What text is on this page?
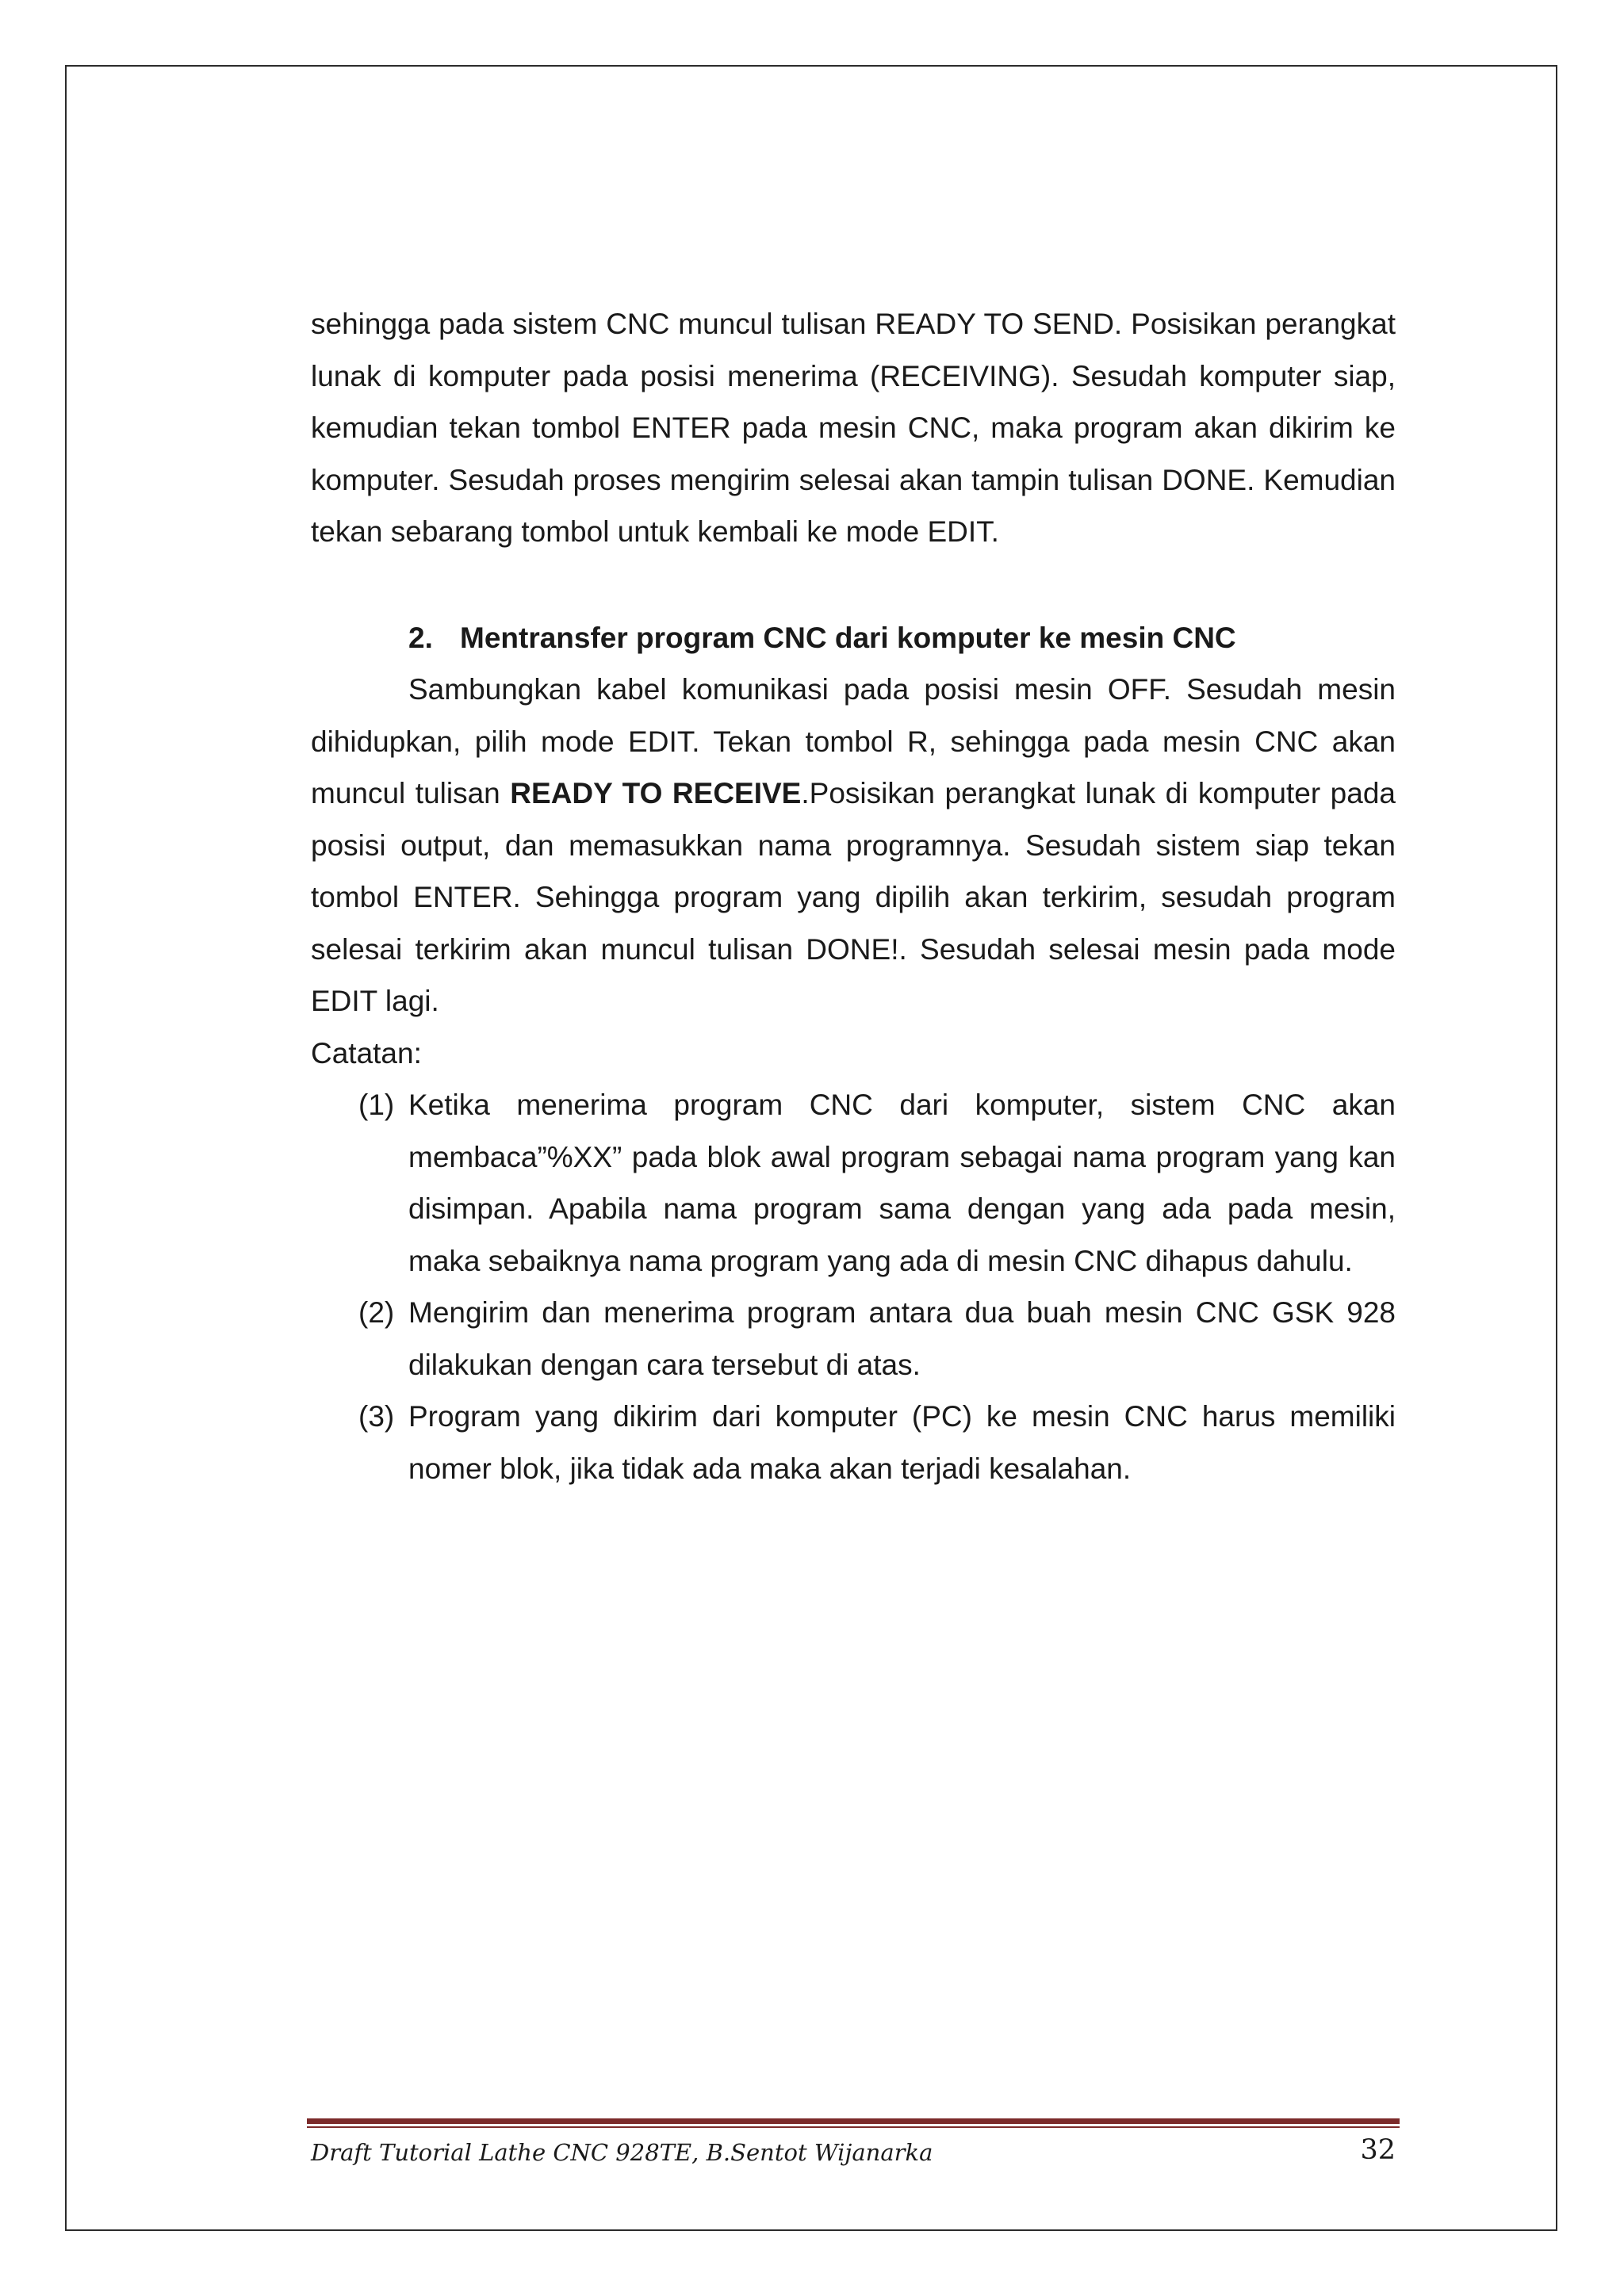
sehingga pada sistem CNC muncul tulisan READY TO SEND. Posisikan perangkat lunak di komputer pada posisi menerima (RECEIVING). Sesudah komputer siap, kemudian tekan tombol ENTER pada mesin CNC, maka program akan dikirim ke komputer. Sesudah proses mengirim selesai akan tampin tulisan DONE. Kemudian tekan sebarang tombol untuk kembali ke mode EDIT.

2. Mentransfer program CNC dari komputer ke mesin CNC

Sambungkan kabel komunikasi pada posisi mesin OFF. Sesudah mesin dihidupkan, pilih mode EDIT. Tekan tombol R, sehingga pada mesin CNC akan muncul tulisan READY TO RECEIVE.Posisikan perangkat lunak di komputer pada posisi output, dan memasukkan nama programnya. Sesudah sistem siap tekan tombol ENTER. Sehingga program yang dipilih akan terkirim, sesudah program selesai terkirim akan muncul tulisan DONE!. Sesudah selesai mesin pada mode EDIT lagi.

Catatan:

(1) Ketika menerima program CNC dari komputer, sistem CNC akan membaca”%XX” pada blok awal program sebagai nama program yang kan disimpan. Apabila nama program sama dengan yang ada pada mesin, maka sebaiknya nama program yang ada di mesin CNC dihapus dahulu.
(2) Mengirim dan menerima program antara dua buah mesin CNC GSK 928 dilakukan dengan cara tersebut di atas.
(3) Program yang dikirim dari komputer (PC) ke mesin CNC harus memiliki nomer blok, jika tidak ada maka akan terjadi kesalahan.
Draft Tutorial Lathe CNC 928TE, B.Sentot Wijanarka	32
